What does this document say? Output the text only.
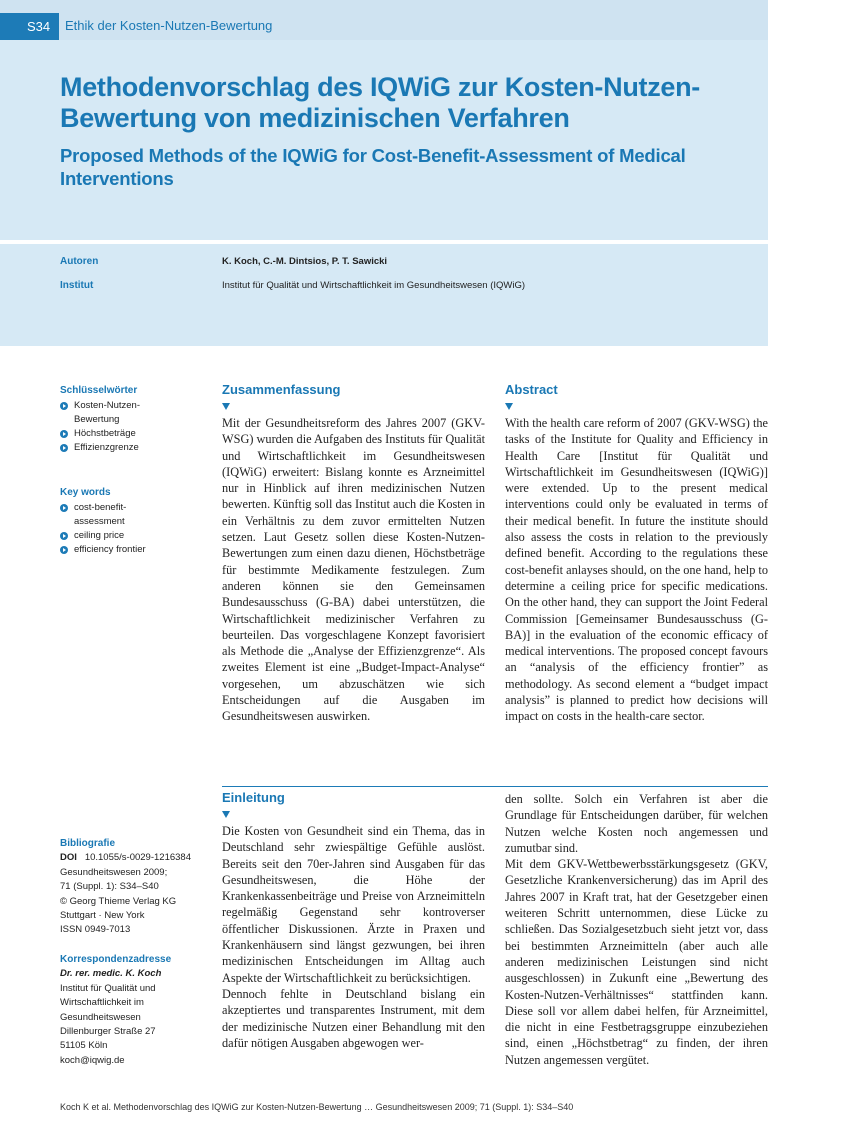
S34	Ethik der Kosten-Nutzen-Bewertung
Methodenvorschlag des IQWiG zur Kosten-Nutzen-Bewertung von medizinischen Verfahren
Proposed Methods of the IQWiG for Cost-Benefit-Assessment of Medical Interventions
Autoren	K. Koch, C.-M. Dintsios, P. T. Sawicki
Institut	Institut für Qualität und Wirtschaftlichkeit im Gesundheitswesen (IQWiG)
Schlüsselwörter
Kosten-Nutzen-Bewertung
Höchstbeträge
Effizienzgrenze
Key words
cost-benefit-assessment
ceiling price
efficiency frontier
Bibliografie
DOI 10.1055/s-0029-1216384
Gesundheitswesen 2009;
71 (Suppl. 1): S34–S40
© Georg Thieme Verlag KG
Stuttgart · New York
ISSN 0949-7013
Korrespondenzadresse
Dr. rer. medic. K. Koch
Institut für Qualität und
Wirtschaftlichkeit im
Gesundheitswesen
Dillenburger Straße 27
51105 Köln
koch@iqwig.de
Zusammenfassung
Mit der Gesundheitsreform des Jahres 2007 (GKV-WSG) wurden die Aufgaben des Instituts für Qualität und Wirtschaftlichkeit im Gesundheitswesen (IQWiG) erweitert: Bislang konnte es Arzneimittel nur in Hinblick auf ihren medizinischen Nutzen bewerten. Künftig soll das Institut auch die Kosten in ein Verhältnis zu dem zuvor ermittelten Nutzen setzen. Laut Gesetz sollen diese Kosten-Nutzen-Bewertungen zum einen dazu dienen, Höchstbeträge für bestimmte Medikamente festzulegen. Zum anderen können sie den Gemeinsamen Bundesausschuss (G-BA) dabei unterstützen, die Wirtschaftlichkeit medizinischer Verfahren zu beurteilen. Das vorgeschlagene Konzept favorisiert als Methode die „Analyse der Effizienzgrenze“. Als zweites Element ist eine „Budget-Impact-Analyse“ vorgesehen, um abzuschätzen wie sich Entscheidungen auf die Ausgaben im Gesundheitswesen auswirken.
Abstract
With the health care reform of 2007 (GKV-WSG) the tasks of the Institute for Quality and Efficiency in Health Care [Institut für Qualität und Wirtschaftlichkeit im Gesundheitswesen (IQWiG)] were extended. Up to the present medical interventions could only be evaluated in terms of their medical benefit. In future the institute should also assess the costs in relation to the previously defined benefit. According to the regulations these cost-benefit anlayses should, on the one hand, help to determine a ceiling price for specific medications. On the other hand, they can support the Joint Federal Commission [Gemeinsamer Bundesausschuss (G-BA)] in the evaluation of the economic efficacy of medical interventions. The proposed concept favours an “analysis of the efficiency frontier” as methodology. As second element a “budget impact analysis” is planned to predict how decisions will impact on costs in the health-care sector.
Einleitung

Die Kosten von Gesundheit sind ein Thema, das in Deutschland sehr zwiespältige Gefühle auslöst. Bereits seit den 70er-Jahren sind Ausgaben für das Gesundheitswesen, die Höhe der Krankenkassenbeiträge und Preise von Arzneimitteln regelmäßig Gegenstand sehr kontroverser öffentlicher Diskussionen. Ärzte in Praxen und Krankenhäusern sind längst gezwungen, bei ihren medizinischen Entscheidungen im Alltag auch Aspekte der Wirtschaftlichkeit zu berücksichtigen.

Dennoch fehlte in Deutschland bislang ein akzeptiertes und transparentes Instrument, mit dem der medizinische Nutzen einer Behandlung mit den dafür nötigen Ausgaben abgewogen wer-

den sollte. Solch ein Verfahren ist aber die Grundlage für Entscheidungen darüber, für welchen Nutzen welche Kosten noch angemessen und zumutbar sind.

Mit dem GKV-Wettbewerbsstärkungsgesetz (GKV, Gesetzliche Krankenversicherung) das im April des Jahres 2007 in Kraft trat, hat der Gesetzgeber einen weiteren Schritt unternommen, diese Lücke zu schließen. Das Sozialgesetzbuch sieht jetzt vor, dass bei bestimmten Arzneimitteln (aber auch alle anderen medizinischen Leistungen sind nicht ausgeschlossen) in Zukunft eine „Bewertung des Kosten-Nutzen-Verhältnisses“ stattfinden kann. Diese soll vor allem dabei helfen, für Arzneimittel, die nicht in eine Festbetragsgruppe einzubeziehen sind, einen „Höchstbetrag“ zu finden, der ihren Nutzen angemessen vergütet.

Koch K et al. Methodenvorschlag des IQWiG zur Kosten-Nutzen-Bewertung … Gesundheitswesen 2009; 71 (Suppl. 1): S34–S40
